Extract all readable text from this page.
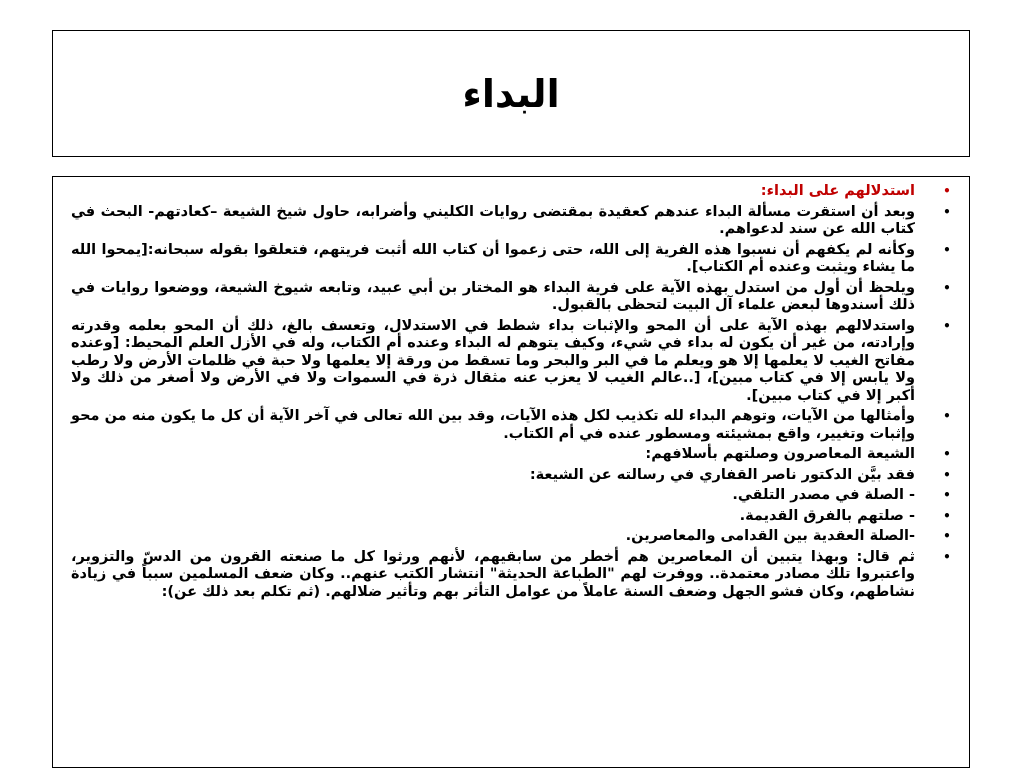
البداء
•
استدلالهم على البداء:
•
وبعد أن استقرت مسألة البداء عندهم كعقيدة بمقتضى روايات الكليني وأضرابه، حاول شيخ الشيعة –كعادتهم- البحث في كتاب الله عن سند لدعواهم.
•
وكأنه لم يكفهم أن نسبوا هذه الفرية إلى الله، حتى زعموا أن كتاب الله أثبت فريتهم، فتعلقوا بقوله سبحانه:[يمحوا الله ما يشاء ويثبت وعنده أم الكتاب].
•
ويلحظ أن أول من استدل بهذه الآية على فرية البداء هو المختار بن أبي عبيد، وتابعه شيوخ الشيعة، ووضعوا روايات في ذلك أسندوها لبعض علماء آل البيت لتحظى بالقبول.
•
واستدلالهم بهذه الآية على أن المحو والإثبات بداء شطط في الاستدلال، وتعسف بالغ، ذلك أن المحو بعلمه وقدرته وإرادته، من غير أن يكون له بداء في شيء، وكيف يتوهم له البداء وعنده أم الكتاب، وله في الأزل العلم المحيط: [وعنده مفاتح الغيب لا يعلمها إلا هو ويعلم ما في البر والبحر وما تسقط من ورقة إلا يعلمها ولا حبة في ظلمات الأرض ولا رطب ولا يابس إلا في كتاب مبين]، [..عالم الغيب لا يعزب عنه مثقال ذرة في السموات ولا في الأرض ولا أصغر من ذلك ولا أكبر إلا في كتاب مبين].
•
وأمثالها من الآيات، وتوهم البداء لله تكذيب لكل هذه الآيات، وقد بين الله تعالى في آخر الآية أن كل ما يكون منه من محو وإثبات وتغيير، واقع بمشيئته ومسطور عنده في أم الكتاب.
•
الشيعة المعاصرون وصلتهم بأسلافهم:
•
فقد بيَّن الدكتور ناصر القفاري في رسالته عن الشيعة:
•
- الصلة في مصدر التلقي.
•
- صلتهم بالفرق القديمة.
•
-الصلة العقدية بين القدامى والمعاصرين.
•
ثم قال: وبهذا يتبين أن المعاصرين هم أخطر من سابقيهم، لأنهم ورثوا كل ما صنعته القرون من الدسّ والتزوير، واعتبروا تلك مصادر معتمدة.. ووفرت لهم "الطباعة الحديثة" انتشار الكتب عنهم.. وكان ضعف المسلمين سبباً في زيادة نشاطهم، وكان فشو الجهل وضعف السنة عاملاً من عوامل التأثر بهم وتأثير ضلالهم. (ثم تكلم بعد ذلك عن):
